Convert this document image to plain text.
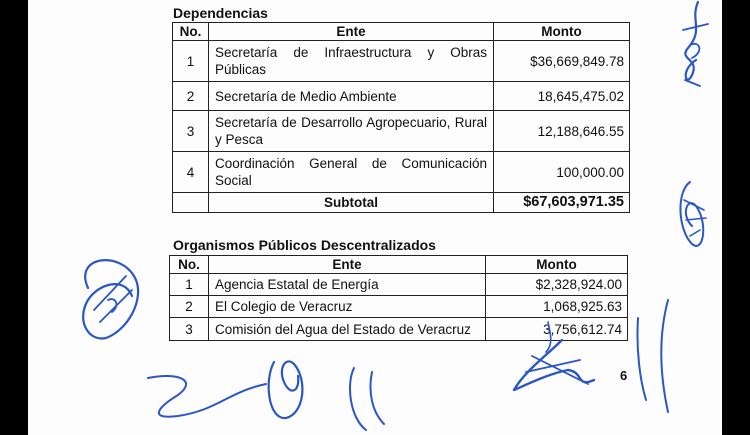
Dependencias
No.	Ente	Monto
1	Secretaría de Infraestructura y Obras Públicas	$36,669,849.78
2	Secretaría de Medio Ambiente	18,645,475.02
3	Secretaría de Desarrollo Agropecuario, Rural y Pesca	12,188,646.55
4	Coordinación General de Comunicación Social	100,000.00
	Subtotal	$67,603,971.35
Organismos Públicos Descentralizados
No.	Ente	Monto
1	Agencia Estatal de Energía	$2,328,924.00
2	El Colegio de Veracruz	1,068,925.63
3	Comisión del Agua del Estado de Veracruz	3,756,612.74
6
